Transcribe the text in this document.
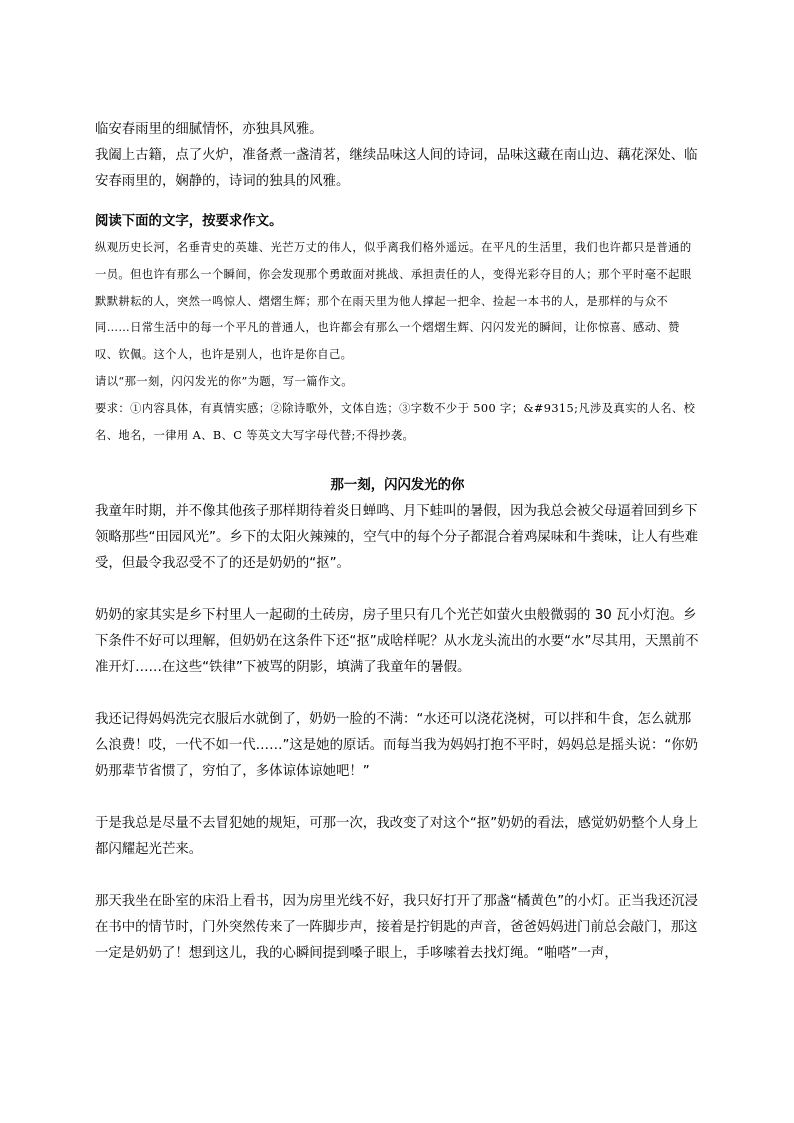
临安春雨里的细腻情怀，亦独具风雅。

我阖上古籍，点了火炉，准备煮一盏清茗，继续品味这人间的诗词，品味这藏在南山边、藕花深处、临安春雨里的，娴静的，诗词的独具的风雅。

阅读下面的文字，按要求作文。

纵观历史长河，名垂青史的英雄、光芒万丈的伟人，似乎离我们格外遥远。在平凡的生活里，我们也许都只是普通的一员。但也许有那么一个瞬间，你会发现那个勇敢面对挑战、承担责任的人，变得光彩夺目的人；那个平时毫不起眼默默耕耘的人，突然一鸣惊人、熠熠生辉；那个在雨天里为他人撑起一把伞、捡起一本书的人，是那样的与众不同……日常生活中的每一个平凡的普通人，也许都会有那么一个熠熠生辉、闪闪发光的瞬间，让你惊喜、感动、赞叹、钦佩。这个人，也许是别人，也许是你自己。

请以“那一刻，闪闪发光的你”为题，写一篇作文。

要求：①内容具体，有真情实感；②除诗歌外，文体自选；③字数不少于 500 字；&#9315;凡涉及真实的人名、校名、地名，一律用 A、B、C 等英文大写字母代替;不得抄袭。

那一刻，闪闪发光的你

我童年时期，并不像其他孩子那样期待着炎日蝉鸣、月下蛙叫的暑假，因为我总会被父母逼着回到乡下领略那些“田园风光”。乡下的太阳火辣辣的，空气中的每个分子都混合着鸡屎味和牛粪味，让人有些难受，但最令我忍受不了的还是奶奶的“抠”。

奶奶的家其实是乡下村里人一起砌的土砖房，房子里只有几个光芒如萤火虫般微弱的 30 瓦小灯泡。乡下条件不好可以理解，但奶奶在这条件下还“抠”成啥样呢？从水龙头流出的水要“水”尽其用，天黑前不准开灯……在这些“铁律”下被骂的阴影，填满了我童年的暑假。

我还记得妈妈洗完衣服后水就倒了，奶奶一脸的不满：“水还可以浇花浇树，可以拌和牛食，怎么就那么浪费！哎，一代不如一代……”这是她的原话。而每当我为妈妈打抱不平时，妈妈总是摇头说：“你奶奶那辈节省惯了，穷怕了，多体谅体谅她吧！”

于是我总是尽量不去冒犯她的规矩，可那一次，我改变了对这个“抠”奶奶的看法，感觉奶奶整个人身上都闪耀起光芒来。

那天我坐在卧室的床沿上看书，因为房里光线不好，我只好打开了那盏“橘黄色”的小灯。正当我还沉浸在书中的情节时，门外突然传来了一阵脚步声，接着是拧钥匙的声音，爸爸妈妈进门前总会敲门，那这一定是奶奶了！想到这儿，我的心瞬间提到嗓子眼上，手哆嗦着去找灯绳。“啪嗒”一声，
